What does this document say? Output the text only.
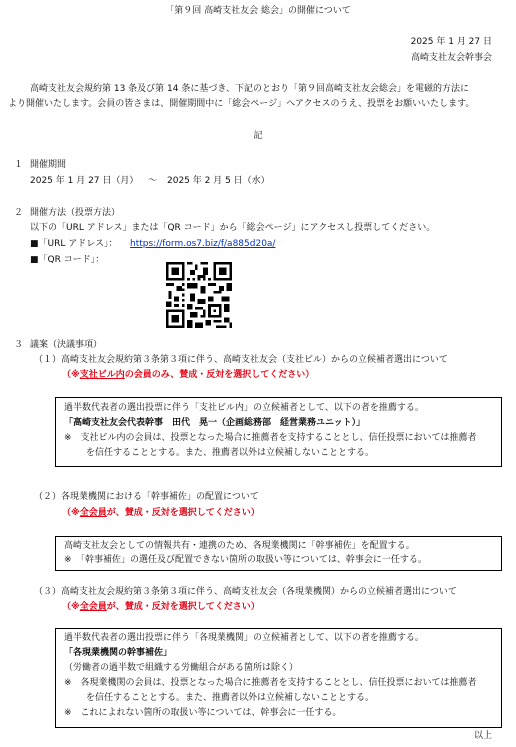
「第９回 高崎支社友会 総会」の開催について
2025 年 1 月 27 日
高崎支社友会幹事会
高崎支社友会規約第 13 条及び第 14 条に基づき、下記のとおり「第９回高崎支社友会総会」を電磁的方法に
より開催いたします。会員の皆さまは、開催期間中に「総会ページ」へアクセスのうえ、投票をお願いいたします。
記
１ 開催期間
2025 年 1 月 27 日（月） ～ 2025 年 2 月 5 日（水）
２ 開催方法（投票方法）
以下の「URL アドレス」または「QR コード」から「総会ページ」にアクセスし投票してください。
■「URL アドレス」： https://form.os7.biz/f/a885d20a/
■「QR コード」：
３ 議案（決議事項）
（１）高崎支社友会規約第３条第３項に伴う、高崎支社友会（支社ビル）からの立候補者選出について
（※支社ビル内の会員のみ、賛成・反対を選択してください）
過半数代表者の選出投票に伴う「支社ビル内」の立候補者として、以下の者を推薦する。
「高崎支社友会代表幹事　田代　晃一（企画総務部　経営業務ユニット）」
※　支社ビル内の会員は、投票となった場合に推薦者を支持することとし、信任投票においては推薦者
を信任することとする。また、推薦者以外は立候補しないこととする。
（２）各現業機関における「幹事補佐」の配置について
（※全会員が、賛成・反対を選択してください）
高崎支社友会としての情報共有・連携のため、各現業機関に「幹事補佐」を配置する。
※　「幹事補佐」の選任及び配置できない箇所の取扱い等については、幹事会に一任する。
（３）高崎支社友会規約第３条第３項に伴う、高崎支社友会（各現業機関）からの立候補者選出について
（※全会員が、賛成・反対を選択してください）
過半数代表者の選出投票に伴う「各現業機関」の立候補者として、以下の者を推薦する。
「各現業機関の幹事補佐」
（労働者の過半数で組織する労働組合がある箇所は除く）
※　各現業機関の会員は、投票となった場合に推薦者を支持することとし、信任投票においては推薦者
を信任することとする。また、推薦者以外は立候補しないこととする。
※　これによれない箇所の取扱い等については、幹事会に一任する。
以上
